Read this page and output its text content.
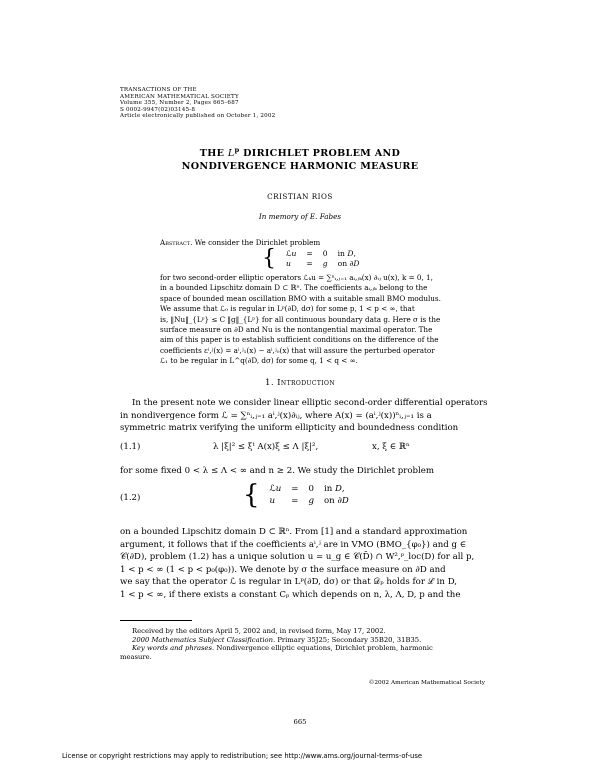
TRANSACTIONS OF THE
AMERICAN MATHEMATICAL SOCIETY
Volume 355, Number 2, Pages 665–687
S 0002-9947(02)03145-8
Article electronically published on October 1, 2002
THE $L^p$ DIRICHLET PROBLEM AND
NONDIVERGENCE HARMONIC MEASURE
CRISTIAN RIOS
In memory of E. Fabes
Abstract. We consider the Dirichlet problem
{	ℒ𝑢	=	0	in 𝐷,
	𝑢	=	𝑔	on ∂𝐷
for two second-order elliptic operators ℒₖu = ∑ⁿᵢ,ⱼ₌₁ aᵢ,ⱼₖ(x) ∂ᵢⱼ u(x), k = 0, 1,
in a bounded Lipschitz domain D ⊂ ℝⁿ. The coefficients aᵢ,ⱼₖ belong to the
space of bounded mean oscillation BMO with a suitable small BMO modulus.
We assume that ℒ₀ is regular in Lᵖ(∂D, dσ) for some p, 1 < p < ∞, that
is, ‖Nu‖_{Lᵖ} ≤ C ‖g‖_{Lᵖ} for all continuous boundary data g. Here σ is the
surface measure on ∂D and Nu is the nontangential maximal operator. The
aim of this paper is to establish sufficient conditions on the difference of the
coefficients εⁱ,ʲ(x) = aⁱ,ʲ₁(x) − aⁱ,ʲ₀(x) that will assure the perturbed operator
ℒ₁ to be regular in L^q(∂D, dσ) for some q, 1 < q < ∞.
1. Introduction
In the present note we consider linear elliptic second-order differential operators
in nondivergence form ℒ = ∑ⁿᵢ,ⱼ₌₁ aⁱ,ʲ(x)∂ᵢⱼ, where A(x) = (aⁱ,ʲ(x))ⁿᵢ,ⱼ₌₁ is a
symmetric matrix verifying the uniform ellipticity and boundedness condition
(1.1)	λ |ξ|² ≤ ξᵗ A(x)ξ ≤ Λ |ξ|²,	x, ξ ∈ ℝⁿ
for some fixed 0 < λ ≤ Λ < ∞ and n ≥ 2. We study the Dirichlet problem
(1.2)	{	ℒ𝑢	=	0	in 𝐷,
	𝑢	=	𝑔	on ∂𝐷
on a bounded Lipschitz domain D ⊂ ℝⁿ. From [1] and a standard approximation
argument, it follows that if the coefficients aⁱ,ʲ are in VMO (BMO_{φ₀}) and g ∈
𝒞(∂D), problem (1.2) has a unique solution u = u_g ∈ 𝒞(D̄) ∩ W²,ᵖ_loc(D) for all p,
1 < p < ∞ (1 < p < p₀(φ₀)). We denote by σ the surface measure on ∂D and
we say that the operator ℒ is regular in Lᵖ(∂D, dσ) or that 𝒟ₚ holds for ℒ in D,
1 < p < ∞, if there exists a constant Cₚ which depends on n, λ, Λ, D, p and the
Received by the editors April 5, 2002 and, in revised form, May 17, 2002.
2000 Mathematics Subject Classification. Primary 35J25; Secondary 35B20, 31B35.
Key words and phrases. Nondivergence elliptic equations, Dirichlet problem, harmonic
measure.
©2002 American Mathematical Society
665
License or copyright restrictions may apply to redistribution; see http://www.ams.org/journal-terms-of-use
